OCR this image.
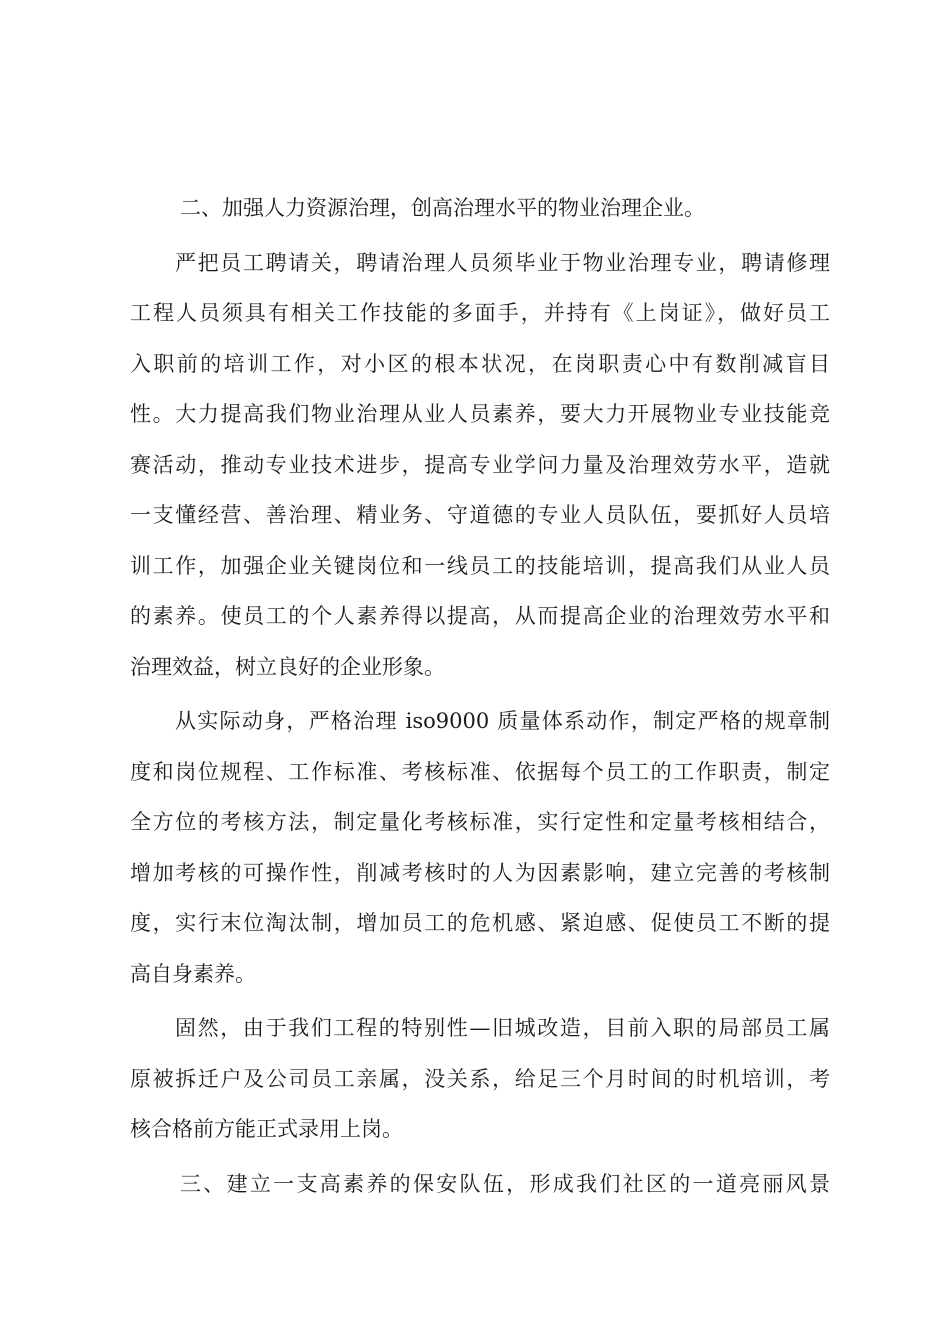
二、加强人力资源治理，创高治理水平的物业治理企业。
严把员工聘请关，聘请治理人员须毕业于物业治理专业，聘请修理
工程人员须具有相关工作技能的多面手，并持有《上岗证》，做好员工
入职前的培训工作，对小区的根本状况，在岗职责心中有数削减盲目
性。大力提高我们物业治理从业人员素养，要大力开展物业专业技能竞
赛活动，推动专业技术进步，提高专业学问力量及治理效劳水平，造就
一支懂经营、善治理、精业务、守道德的专业人员队伍，要抓好人员培
训工作，加强企业关键岗位和一线员工的技能培训，提高我们从业人员
的素养。使员工的个人素养得以提高，从而提高企业的治理效劳水平和
治理效益，树立良好的企业形象。
从实际动身，严格治理 iso9000 质量体系动作，制定严格的规章制
度和岗位规程、工作标准、考核标准、依据每个员工的工作职责，制定
全方位的考核方法，制定量化考核标准，实行定性和定量考核相结合，
增加考核的可操作性，削减考核时的人为因素影响，建立完善的考核制
度，实行末位淘汰制，增加员工的危机感、紧迫感、促使员工不断的提
高自身素养。
固然，由于我们工程的特别性—旧城改造，目前入职的局部员工属
原被拆迁户及公司员工亲属，没关系，给足三个月时间的时机培训，考
核合格前方能正式录用上岗。
三、建立一支高素养的保安队伍，形成我们社区的一道亮丽风景
